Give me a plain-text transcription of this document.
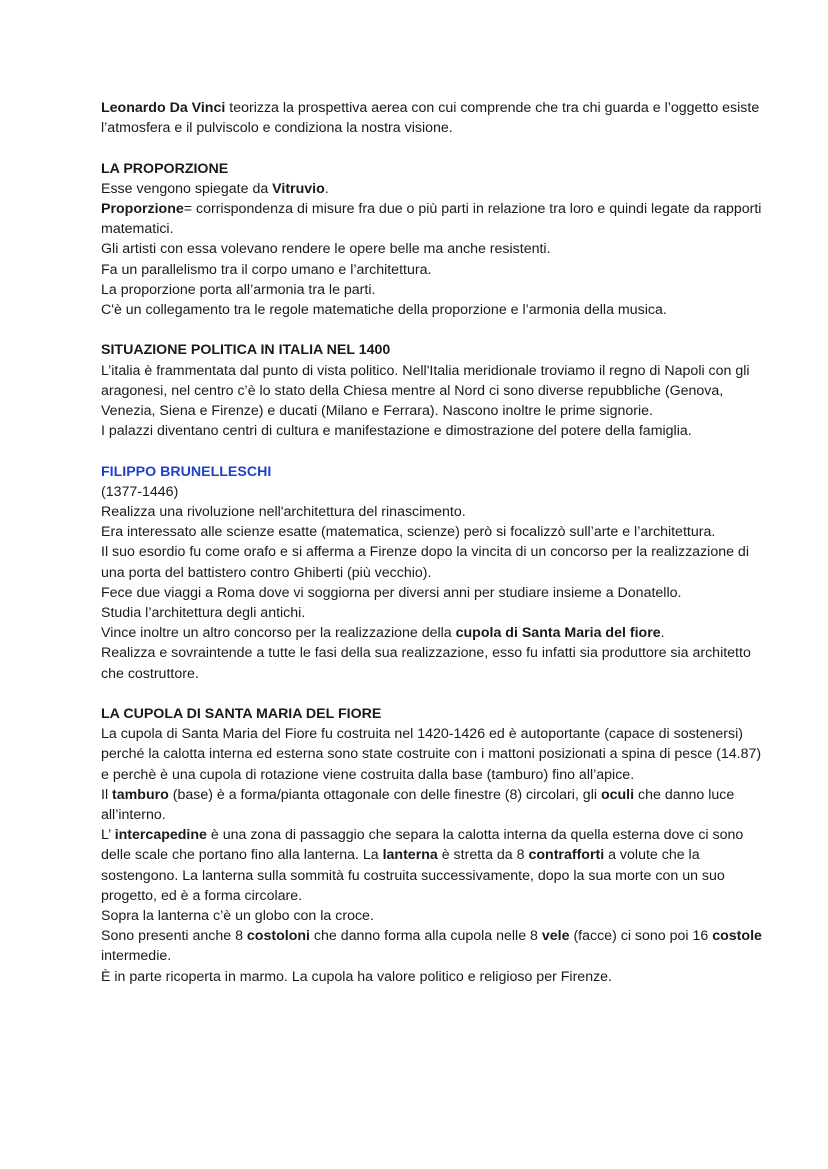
Leonardo Da Vinci teorizza la prospettiva aerea con cui comprende che tra chi guarda e l’oggetto esiste l’atmosfera e il pulviscolo e condiziona la nostra visione.

LA PROPORZIONE

Esse vengono spiegate da Vitruvio.

Proporzione= corrispondenza di misure fra due o più parti in relazione tra loro e quindi legate da rapporti matematici.

Gli artisti con essa volevano rendere le opere belle ma anche resistenti.

Fa un parallelismo tra il corpo umano e l’architettura.

La proporzione porta all’armonia tra le parti.

C'è un collegamento tra le regole matematiche della proporzione e l’armonia della musica.

SITUAZIONE POLITICA IN ITALIA NEL 1400

L’italia è frammentata dal punto di vista politico. Nell'Italia meridionale troviamo il regno di Napoli con gli aragonesi, nel centro c’è lo stato della Chiesa mentre al Nord ci sono diverse repubbliche (Genova, Venezia, Siena e Firenze) e ducati (Milano e Ferrara). Nascono inoltre le prime signorie.

I palazzi diventano centri di cultura e manifestazione e dimostrazione del potere della famiglia.

FILIPPO BRUNELLESCHI

(1377-1446)

Realizza una rivoluzione nell'architettura del rinascimento.

Era interessato alle scienze esatte (matematica, scienze) però si focalizzò sull’arte e l’architettura.

Il suo esordio fu come orafo e si afferma a Firenze dopo la vincita di un concorso per la realizzazione di una porta del battistero contro Ghiberti (più vecchio).

Fece due viaggi a Roma dove vi soggiorna per diversi anni per studiare insieme a Donatello.

Studia l’architettura degli antichi.

Vince inoltre un altro concorso per la realizzazione della cupola di Santa Maria del fiore.

Realizza e sovraintende a tutte le fasi della sua realizzazione, esso fu infatti sia produttore sia architetto che costruttore.

LA CUPOLA DI SANTA MARIA DEL FIORE

La cupola di Santa Maria del Fiore fu costruita nel 1420-1426 ed è autoportante (capace di sostenersi) perché la calotta interna ed esterna sono state costruite con i mattoni posizionati a spina di pesce (14.87) e perchè è una cupola di rotazione viene costruita dalla base (tamburo) fino all’apice.

Il tamburo (base) è a forma/pianta ottagonale con delle finestre (8) circolari, gli oculi che danno luce all’interno.

L’ intercapedine è una zona di passaggio che separa la calotta interna da quella esterna dove ci sono delle scale che portano fino alla lanterna. La lanterna è stretta da 8 contrafforti a volute che la sostengono. La lanterna sulla sommità fu costruita successivamente, dopo la sua morte con un suo progetto, ed è a forma circolare.

Sopra la lanterna c’è un globo con la croce.

Sono presenti anche 8 costoloni che danno forma alla cupola nelle 8 vele (facce) ci sono poi 16 costole intermedie.

È in parte ricoperta in marmo. La cupola ha valore politico e religioso per Firenze.
